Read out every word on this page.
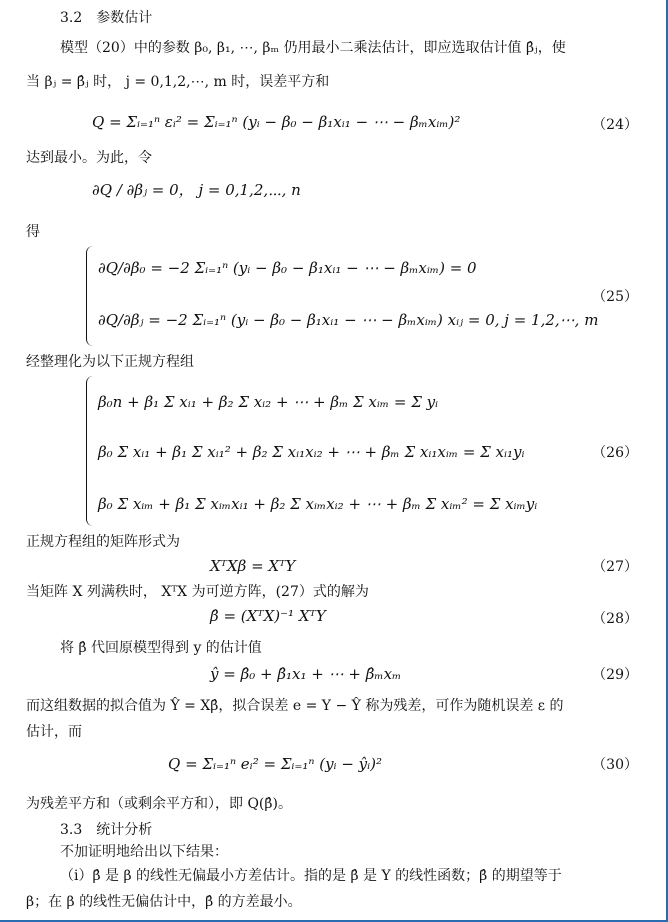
3.2　参数估计
模型（20）中的参数 β₀, β₁, ⋯, βₘ 仍用最小二乘法估计，即应选取估计值 β̂ⱼ，使
当 βⱼ = β̂ⱼ 时， j = 0,1,2,⋯, m 时，误差平方和
Q = Σᵢ₌₁ⁿ εᵢ² = Σᵢ₌₁ⁿ (yᵢ − β₀ − β₁xᵢ₁ − ⋯ − βₘxᵢₘ)²	（24）
达到最小。为此，令
∂Q / ∂βⱼ = 0， j = 0,1,2,⋯, n
得
∂Q/∂β₀ = −2 Σᵢ₌₁ⁿ (yᵢ − β₀ − β₁xᵢ₁ − ⋯ − βₘxᵢₘ) = 0
∂Q/∂βⱼ = −2 Σᵢ₌₁ⁿ (yᵢ − β₀ − β₁xᵢ₁ − ⋯ − βₘxᵢₘ) xᵢⱼ = 0, j = 1,2,⋯, m
（25）
经整理化为以下正规方程组
β₀n + β₁ Σ xᵢ₁ + β₂ Σ xᵢ₂ + ⋯ + βₘ Σ xᵢₘ = Σ yᵢ
β₀ Σ xᵢ₁ + β₁ Σ xᵢ₁² + β₂ Σ xᵢ₁xᵢ₂ + ⋯ + βₘ Σ xᵢ₁xᵢₘ = Σ xᵢ₁yᵢ
β₀ Σ xᵢₘ + β₁ Σ xᵢₘxᵢ₁ + β₂ Σ xᵢₘxᵢ₂ + ⋯ + βₘ Σ xᵢₘ² = Σ xᵢₘyᵢ
（26）
正规方程组的矩阵形式为
XᵀXβ = XᵀY	（27）
当矩阵 X 列满秩时， XᵀX 为可逆方阵，(27）式的解为
β̂ = (XᵀX)⁻¹ XᵀY	（28）
将 β̂ 代回原模型得到 y 的估计值
ŷ = β̂₀ + β̂₁x₁ + ⋯ + β̂ₘxₘ	（29）
而这组数据的拟合值为 Ŷ = Xβ̂，拟合误差 e = Y − Ŷ 称为残差，可作为随机误差 ε 的
估计，而
Q = Σᵢ₌₁ⁿ eᵢ² = Σᵢ₌₁ⁿ (yᵢ − ŷᵢ)²	（30）
为残差平方和（或剩余平方和），即 Q(β̂)。
3.3　统计分析
不加证明地给出以下结果：
（i）β̂ 是 β 的线性无偏最小方差估计。指的是 β̂ 是 Y 的线性函数；β̂ 的期望等于
β；在 β 的线性无偏估计中，β̂ 的方差最小。
